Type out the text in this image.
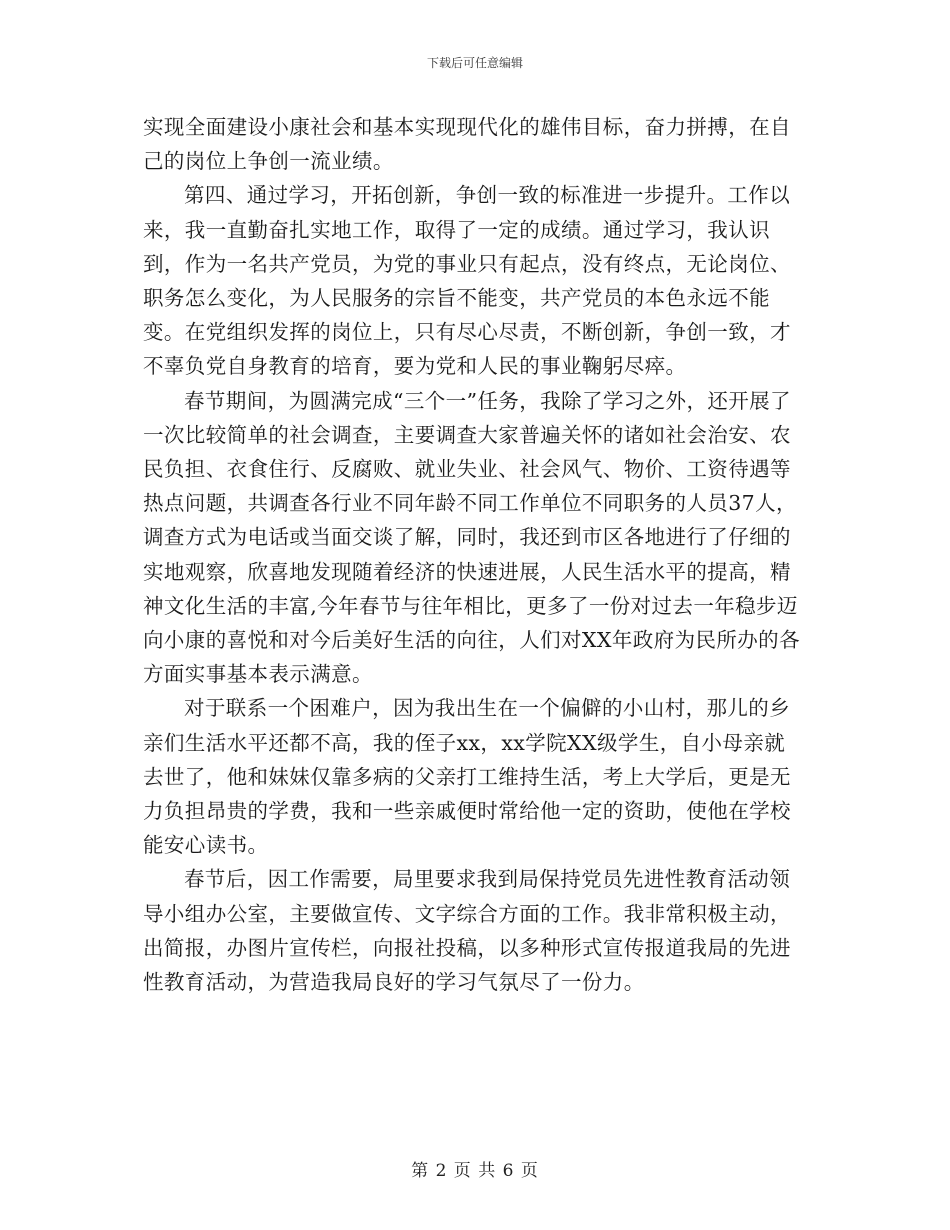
下载后可任意编辑

实现全面建设小康社会和基本实现现代化的雄伟目标，奋力拼搏，在自己的岗位上争创一流业绩。

第四、通过学习，开拓创新，争创一致的标准进一步提升。工作以来，我一直勤奋扎实地工作，取得了一定的成绩。通过学习，我认识到，作为一名共产党员，为党的事业只有起点，没有终点，无论岗位、职务怎么变化，为人民服务的宗旨不能变，共产党员的本色永远不能变。在党组织发挥的岗位上，只有尽心尽责，不断创新，争创一致，才不辜负党自身教育的培育，要为党和人民的事业鞠躬尽瘁。

春节期间，为圆满完成“三个一”任务，我除了学习之外，还开展了一次比较简单的社会调查，主要调查大家普遍关怀的诸如社会治安、农民负担、衣食住行、反腐败、就业失业、社会风气、物价、工资待遇等热点问题，共调查各行业不同年龄不同工作单位不同职务的人员37人，调查方式为电话或当面交谈了解，同时，我还到市区各地进行了仔细的实地观察，欣喜地发现随着经济的快速进展，人民生活水平的提高，精神文化生活的丰富,今年春节与往年相比，更多了一份对过去一年稳步迈向小康的喜悦和对今后美好生活的向往，人们对XX年政府为民所办的各方面实事基本表示满意。

对于联系一个困难户，因为我出生在一个偏僻的小山村，那儿的乡亲们生活水平还都不高，我的侄子xx，xx学院XX级学生，自小母亲就去世了，他和妹妹仅靠多病的父亲打工维持生活，考上大学后，更是无力负担昂贵的学费，我和一些亲戚便时常给他一定的资助，使他在学校能安心读书。

春节后，因工作需要，局里要求我到局保持党员先进性教育活动领导小组办公室，主要做宣传、文字综合方面的工作。我非常积极主动，出简报，办图片宣传栏，向报社投稿，以多种形式宣传报道我局的先进性教育活动，为营造我局良好的学习气氛尽了一份力。

第 2 页 共 6 页
